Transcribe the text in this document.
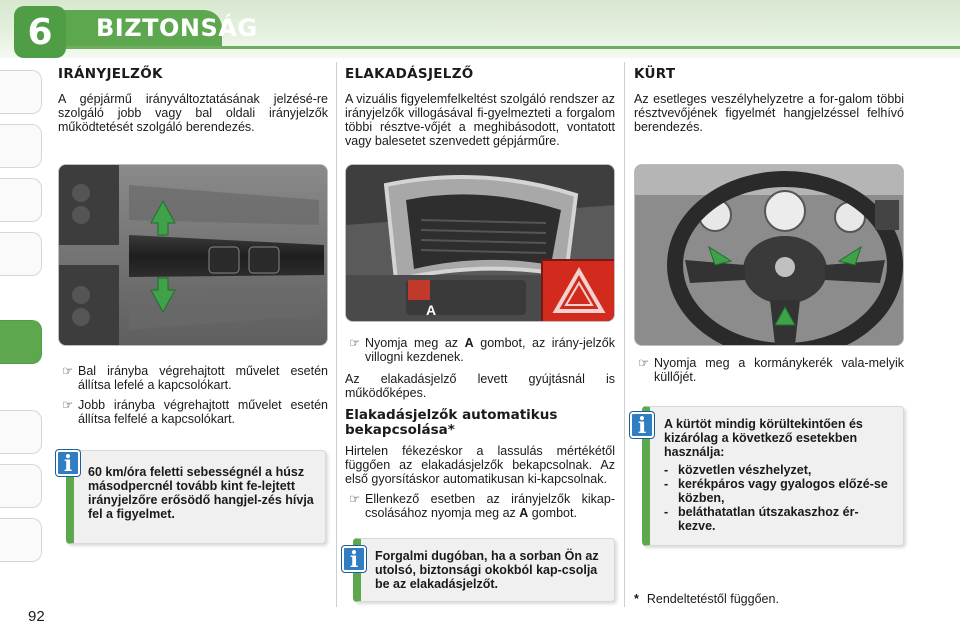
6	BIZTONSÁG
IRÁNYJELZŐK

A gépjármű irányváltoztatásának jelzésé-re szolgáló jobb vagy bal oldali irányjelzők működtetését szolgáló berendezés.

☞ Bal irányba végrehajtott művelet esetén állítsa lefelé a kapcsolókart.
☞ Jobb irányba végrehajtott művelet esetén állítsa felfelé a kapcsolókart.
60 km/óra feletti sebességnél a húsz másodpercnél tovább kint fe-lejtett irányjelzőre erősödő hangjel-zés hívja fel a figyelmet.
i
ELAKADÁSJELZŐ

A vizuális figyelemfelkeltést szolgáló rendszer az irányjelzők villogásával fi-gyelmezteti a forgalom többi résztve-vőjét a meghibásodott, vontatott vagy balesetet szenvedett gépjárműre.

A
☞ Nyomja meg az A gombot, az irány-jelzők villogni kezdenek.

Az elakadásjelző levett gyújtásnál is működőképes.

Elakadásjelzők automatikus bekapcsolása*

Hirtelen fékezéskor a lassulás mértékétől függően az elakadásjelzők bekapcsolnak. Az első gyorsításkor automatikusan ki-kapcsolnak.

☞ Ellenkező esetben az irányjelzők kikap-csolásához nyomja meg az A gombot.
Forgalmi dugóban, ha a sorban Ön az utolsó, biztonsági okokból kap-csolja be az elakadásjelzőt.
i
KÜRT

Az esetleges veszélyhelyzetre a for-galom többi résztvevőjének figyelmét hangjelzéssel felhívó berendezés.

☞ Nyomja meg a kormánykerék vala-melyik küllőjét.
A kürtöt mindig körültekintően és kizárólag a következő esetekben használja:
- közvetlen vészhelyzet,
- kerékpáros vagy gyalogos előzé-se közben,
- beláthatatlan útszakaszhoz ér-kezve.
i
* Rendeltetéstől függően.
92
